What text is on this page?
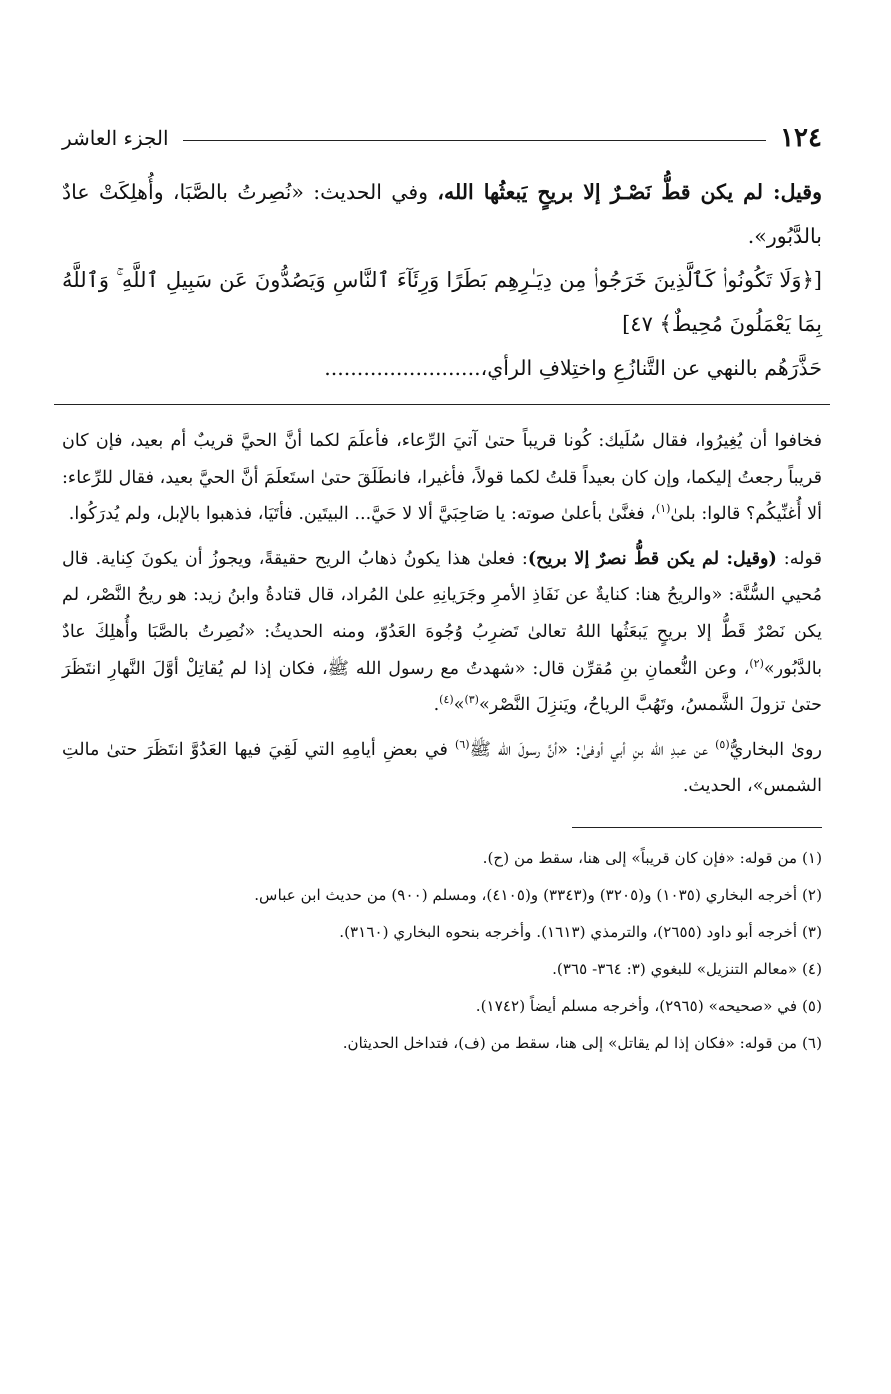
١٢٤
الجزء العاشر

وقيل: لم يكن قطُّ نَصْـرٌ إلا بريحٍ يَبعثُها الله، وفي الحديث: «نُصِرتُ بالصَّبَا، وأُهلِكَتْ عادٌ بالدَّبُور».

[﴿وَلَا تَكُونُوا۟ كَٱلَّذِينَ خَرَجُوا۟ مِن دِيَـٰرِهِم بَطَرًا وَرِئَآءَ ٱلنَّاسِ وَيَصُدُّونَ عَن سَبِيلِ ٱللَّهِ ۚ وَٱللَّهُ بِمَا يَعْمَلُونَ مُحِيطٌ﴾ ٤٧]

حَذَّرَهُم بالنهي عن التَّنازُعِ واختِلافِ الرأي،........................

فخافوا أن يُغِيرُوا، فقال سُلَيك: كُونا قريباً حتىٰ آتيَ الرِّعاء، فأعلَمَ لكما أنَّ الحيَّ قريبٌ أم بعيد، فإن كان قريباً رجعتُ إليكما، وإن كان بعيداً قلتُ لكما قولاً، فأغيرا، فانطَلَقَ حتىٰ استَعلَمَ أنَّ الحيَّ بعيد، فقال للرِّعاء: ألا أُغنِّيكُم؟ قالوا: بلىٰ$^{(١)}$، فغنَّىٰ بأعلىٰ صوته: يا صَاحِبَيَّ ألا لا حَيَّ... البيتَين. فأتَيَا، فذهبوا بالإبل، ولم يُدرَكُوا.

قوله: (وقيل: لم يكن قطُّ نصرٌ إلا بريح): فعلىٰ هذا يكونُ ذهابُ الريح حقيقةً، ويجوزُ أن يكونَ كِناية. قال مُحيي السُّنَّة: «والريحُ هنا: كنايةٌ عن نَفَاذِ الأمرِ وجَرَيانِهِ علىٰ المُراد، قال قتادةُ وابنُ زيد: هو ريحُ النَّصْر، لم يكن نَصْرٌ قَطُّ إلا بريحٍ يَبعَثُها اللهُ تعالىٰ تَضرِبُ وُجُوهَ العَدُوّ، ومنه الحديثُ: «نُصِرتُ بالصَّبَا وأُهلِكَ عادٌ بالدَّبُور»$^{(٢)}$، وعن النُّعمانِ بنِ مُقرِّن قال: «شهدتُ مع رسول الله ﷺ، فكان إذا لم يُقاتِلْ أوَّلَ النَّهارِ انتَظَرَ حتىٰ تزولَ الشَّمسُ، وتَهُبَّ الرياحُ، ويَنزِلَ النَّصْر»$^{(٣)}$»$^{(٤)}$.

رویٰ البخاريُّ$^{(٥)}$ عن عبدِ الله بنِ أبي أوفىٰ: «أنَّ رسولَ الله ﷺ$^{(٦)}$ في بعضِ أيامِهِ التي لَقِيَ فيها العَدُوَّ انتَظَرَ حتىٰ مالتِ الشمس»، الحديث.

(١) من قوله: «فإن كان قريباً» إلى هنا، سقط من (ح).
(٢) أخرجه البخاري (١٠٣٥) و(٣٢٠٥) و(٣٣٤٣) و(٤١٠٥)، ومسلم (٩٠٠) من حديث ابن عباس.
(٣) أخرجه أبو داود (٢٦٥٥)، والترمذي (١٦١٣). وأخرجه بنحوه البخاري (٣١٦٠).
(٤) «معالم التنزيل» للبغوي (٣: ٣٦٤- ٣٦٥).
(٥) في «صحيحه» (٢٩٦٥)، وأخرجه مسلم أيضاً (١٧٤٢).
(٦) من قوله: «فكان إذا لم يقاتل» إلى هنا، سقط من (ف)، فتداخل الحديثان.
